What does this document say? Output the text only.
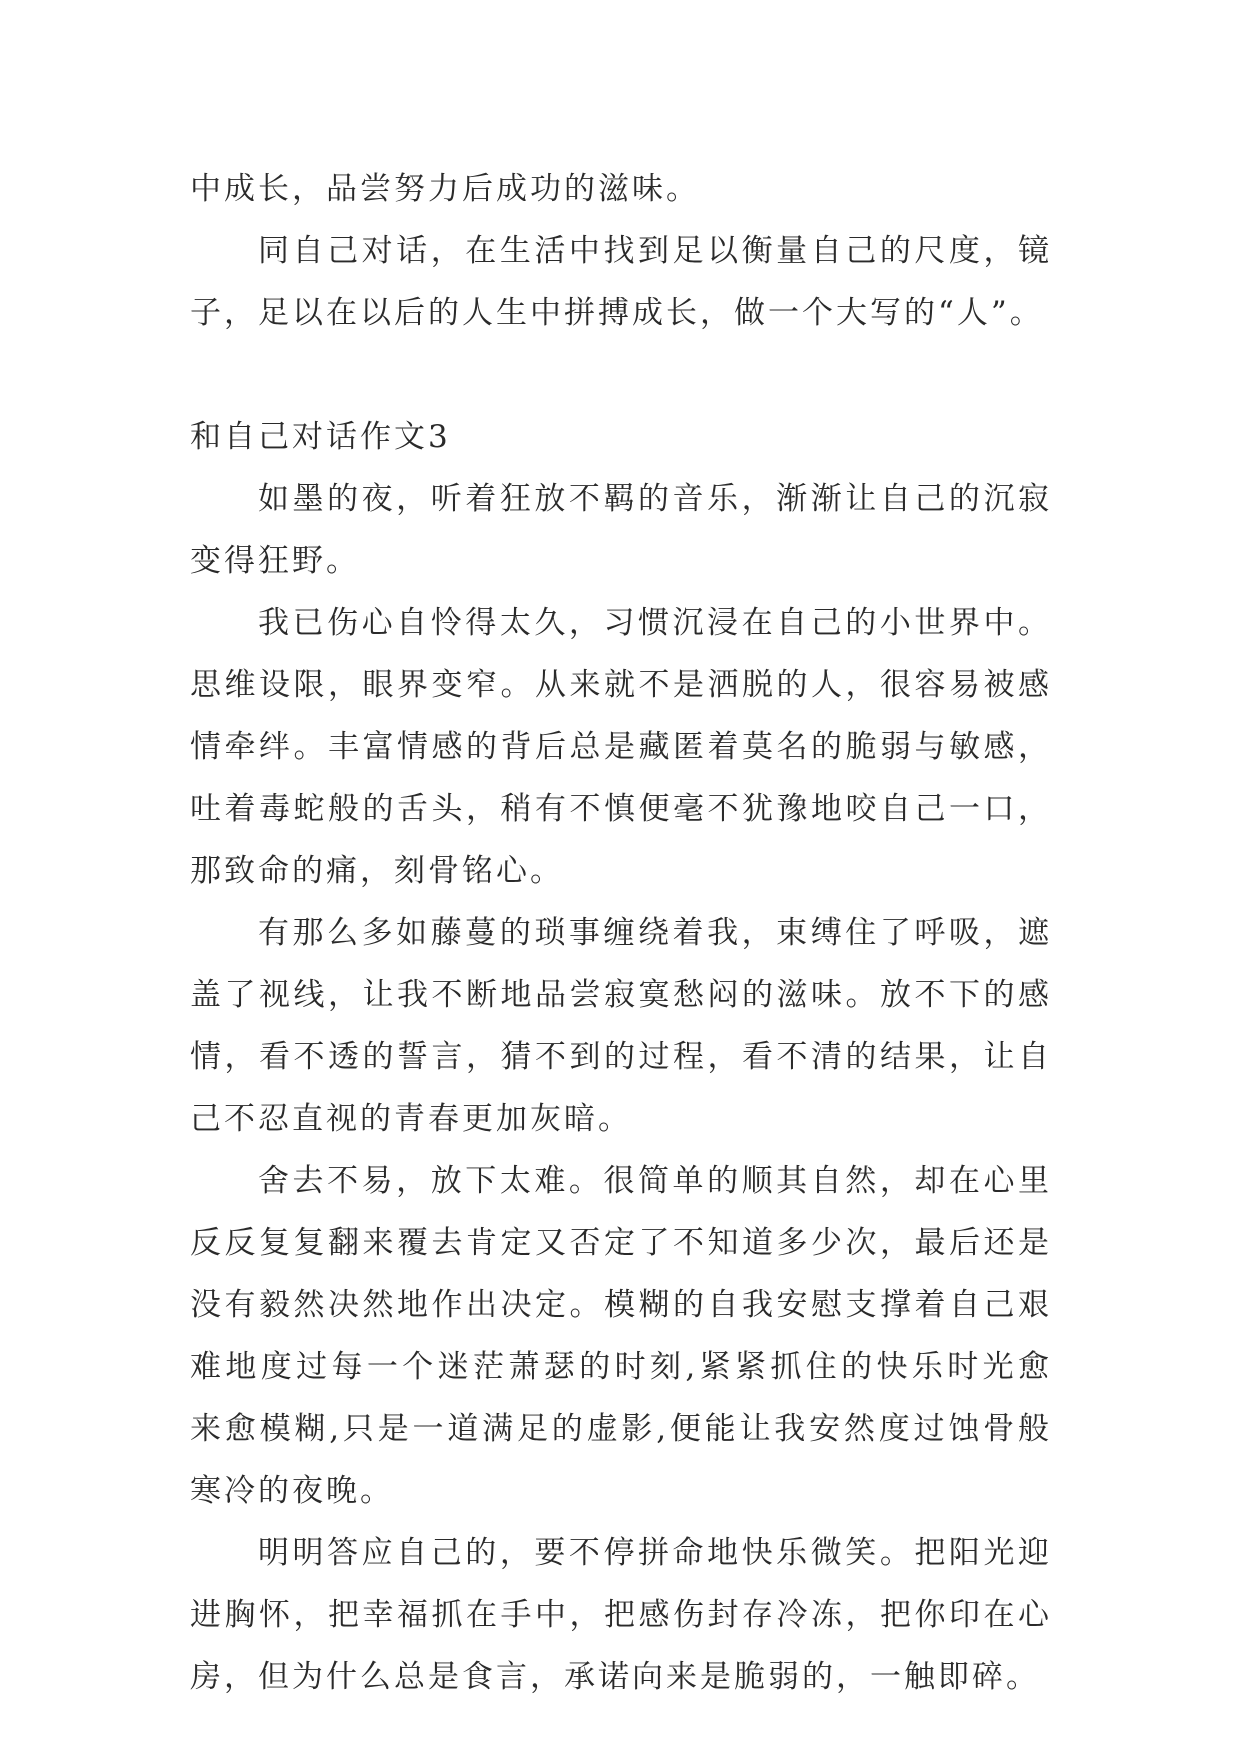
中成长，品尝努力后成功的滋味。

同自己对话，在生活中找到足以衡量自己的尺度，镜子，足以在以后的人生中拼搏成长，做一个大写的“人”。

和自己对话作文3

如墨的夜，听着狂放不羁的音乐，渐渐让自己的沉寂变得狂野。

我已伤心自怜得太久，习惯沉浸在自己的小世界中。思维设限，眼界变窄。从来就不是洒脱的人，很容易被感情牵绊。丰富情感的背后总是藏匿着莫名的脆弱与敏感，吐着毒蛇般的舌头，稍有不慎便毫不犹豫地咬自己一口，那致命的痛，刻骨铭心。

有那么多如藤蔓的琐事缠绕着我，束缚住了呼吸，遮盖了视线，让我不断地品尝寂寞愁闷的滋味。放不下的感情，看不透的誓言，猜不到的过程，看不清的结果，让自己不忍直视的青春更加灰暗。

舍去不易，放下太难。很简单的顺其自然，却在心里反反复复翻来覆去肯定又否定了不知道多少次，最后还是没有毅然决然地作出决定。模糊的自我安慰支撑着自己艰难地度过每一个迷茫萧瑟的时刻,紧紧抓住的快乐时光愈来愈模糊,只是一道满足的虚影,便能让我安然度过蚀骨般寒冷的夜晚。

明明答应自己的，要不停拼命地快乐微笑。把阳光迎进胸怀，把幸福抓在手中，把感伤封存冷冻，把你印在心房，但为什么总是食言，承诺向来是脆弱的，一触即碎。
